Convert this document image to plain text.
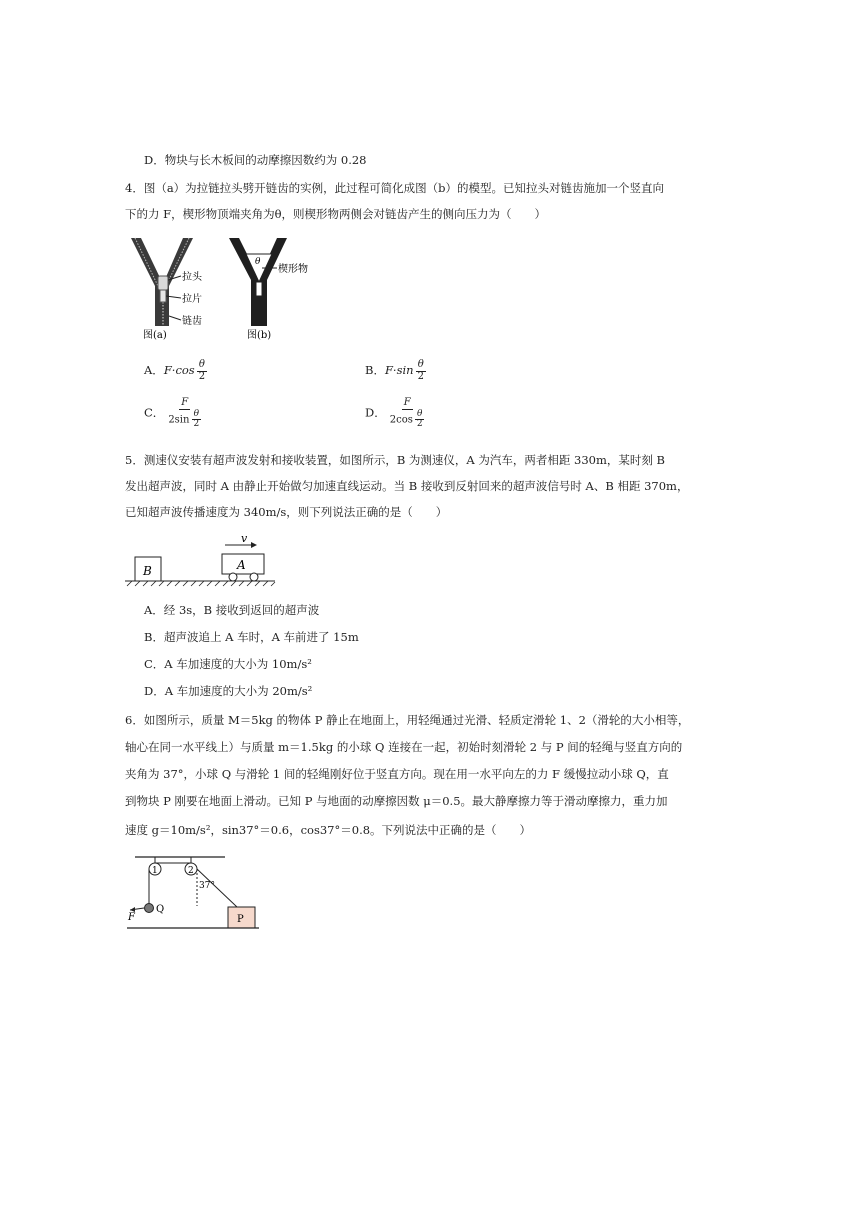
D．物块与长木板间的动摩擦因数约为 0.28
4．图（a）为拉链拉头劈开链齿的实例，此过程可简化成图（b）的模型。已知拉头对链齿施加一个竖直向
下的力 F，楔形物顶端夹角为θ，则楔形物两侧会对链齿产生的侧向压力为（　　）
拉头
拉片
链齿
图(a)
θ
楔形物
图(b)
A．$F\cdot\cos \frac{\theta}{2}$	B．$F\cdot\sin \frac{\theta}{2}$
C． $\frac{F}{2\sin \frac{\theta}{2}}$	D． $\frac{F}{2\cos \frac{\theta}{2}}$
5．测速仪安装有超声波发射和接收装置，如图所示，B 为测速仪，A 为汽车，两者相距 330m，某时刻 B
发出超声波，同时 A 由静止开始做匀加速直线运动。当 B 接收到反射回来的超声波信号时 A、B 相距 370m，
已知超声波传播速度为 340m/s，则下列说法正确的是（　　）
B	A
v
A．经 3s，B 接收到返回的超声波
B．超声波追上 A 车时，A 车前进了 15m
C．A 车加速度的大小为 10m/s²
D．A 车加速度的大小为 20m/s²
6．如图所示，质量 M＝5kg 的物体 P 静止在地面上，用轻绳通过光滑、轻质定滑轮 1、2（滑轮的大小相等，
轴心在同一水平线上）与质量 m＝1.5kg 的小球 Q 连接在一起，初始时刻滑轮 2 与 P 间的轻绳与竖直方向的
夹角为 37°，小球 Q 与滑轮 1 间的轻绳刚好位于竖直方向。现在用一水平向左的力 F 缓慢拉动小球 Q，直
到物块 P 刚要在地面上滑动。已知 P 与地面的动摩擦因数 μ＝0.5。最大静摩擦力等于滑动摩擦力，重力加
速度 g＝10m/s²，sin37°＝0.6，cos37°＝0.8。下列说法中正确的是（　　）
1	2
37°
Q
F	P
